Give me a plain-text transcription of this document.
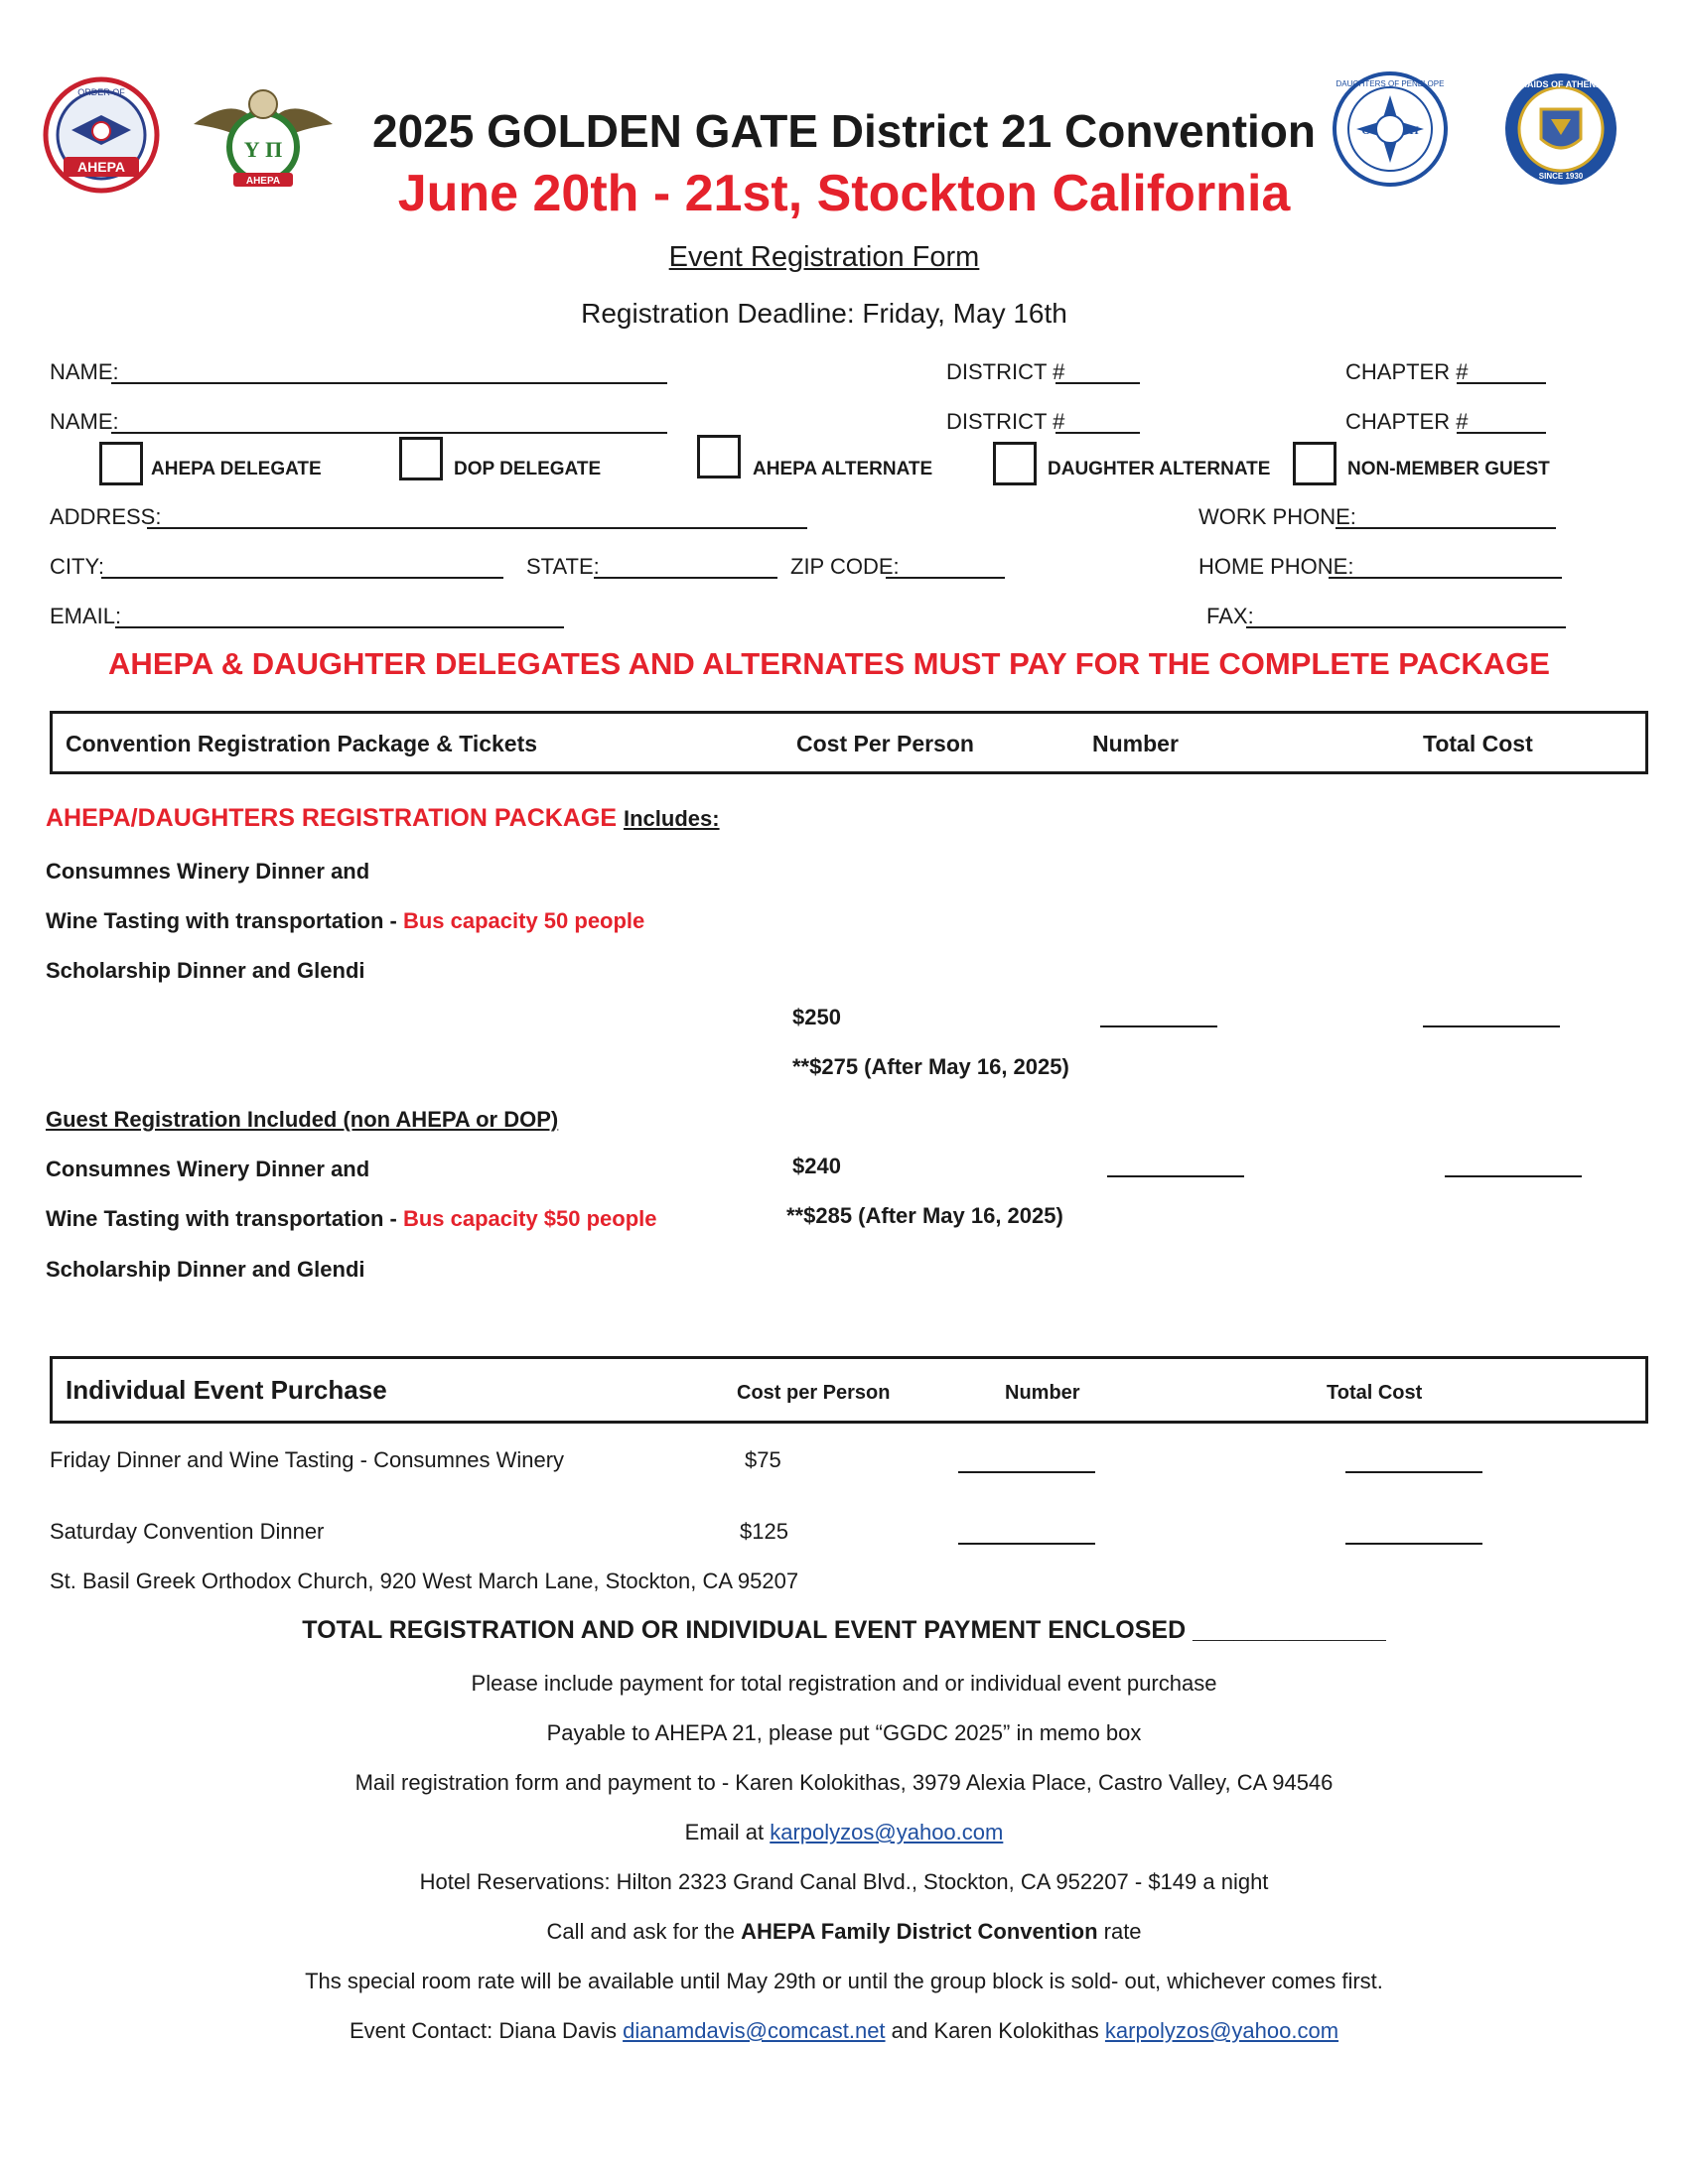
ORDER OF
AHEPA
Υ Π
AHEPA
DAUGHTERS OF PENELOPE
Θ	Π
MAIDS OF ATHENA
SINCE 1930
2025 GOLDEN GATE District 21 Convention
June 20th - 21st, Stockton California
Event Registration Form
Registration Deadline: Friday, May 16th
NAME:	DISTRICT #	CHAPTER #
NAME:	DISTRICT #	CHAPTER #
AHEPA DELEGATE	DOP DELEGATE	AHEPA ALTERNATE	DAUGHTER ALTERNATE	NON-MEMBER GUEST
ADDRESS:	WORK PHONE:
CITY:	STATE:	ZIP CODE:	HOME PHONE:
EMAIL:	FAX:
AHEPA & DAUGHTER DELEGATES AND ALTERNATES MUST PAY FOR THE COMPLETE PACKAGE
Convention Registration Package & Tickets	Cost Per Person	Number	Total Cost
AHEPA/DAUGHTERS REGISTRATION PACKAGE Includes:
Consumnes Winery Dinner and
Wine Tasting with transportation - Bus capacity 50 people
Scholarship Dinner and Glendi
$250
**$275 (After May 16, 2025)
Guest Registration Included (non AHEPA or DOP)
Consumnes Winery Dinner and	$240
Wine Tasting with transportation - Bus capacity $50 people	**$285 (After May 16, 2025)
Scholarship Dinner and Glendi
Individual Event Purchase	Cost per Person	Number	Total Cost
Friday Dinner and Wine Tasting - Consumnes Winery	$75
Saturday Convention Dinner	$125
St. Basil Greek Orthodox Church, 920 West March Lane, Stockton, CA 95207
TOTAL REGISTRATION AND OR INDIVIDUAL EVENT PAYMENT ENCLOSED ______________
Please include payment for total registration and or individual event purchase
Payable to AHEPA 21, please put “GGDC 2025” in memo box
Mail registration form and payment to - Karen Kolokithas, 3979 Alexia Place, Castro Valley, CA 94546
Email at karpolyzos@yahoo.com
Hotel Reservations: Hilton 2323 Grand Canal Blvd., Stockton, CA 952207 - $149 a night
Call and ask for the AHEPA Family District Convention rate
Ths special room rate will be available until May 29th or until the group block is sold- out, whichever comes first.
Event Contact: Diana Davis dianamdavis@comcast.net and Karen Kolokithas karpolyzos@yahoo.com
